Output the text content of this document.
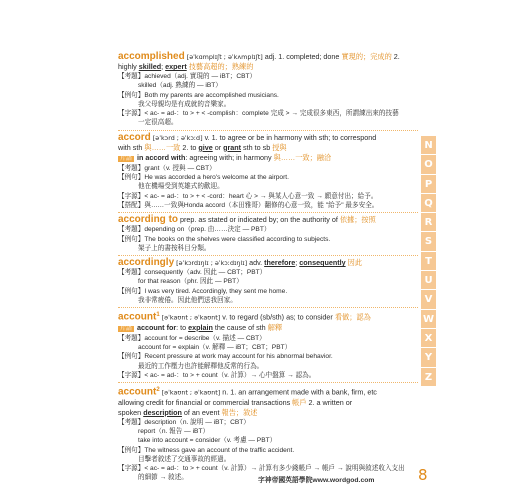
accomplished [əˈkɑmplɪʃt ; əˈkʌmplɪʃt] adj. 1. completed; done 實現的；完成的 2.
highly skilled; expert 技藝高超的；熟練的
【考題】achieved（adj. 實現的 — iBT；CBT）
skilled（adj. 熟練的 — iBT）
【例句】Both my parents are accomplished musicians.
我父母親均是有成就的音樂家。
【字源】< ac- = ad-：to > + < -complish：complete 完成 > → 完成很多東西，所謂練出來的技藝
一定很高超。
accord [əˈkɔrd ; əˈkɔːd] v. 1. to agree or be in harmony with sth; to correspond
with sth 與……一致 2. to give or grant sth to sb 授與
片語 in accord with: agreeing with; in harmony 與……一致；融洽
【考題】grant（v. 授與 — CBT）
【例句】He was accorded a hero's welcome at the airport.
他在機場受到英雄式的歡迎。
【字源】< ac- = ad-：to > + < -cord：heart 心 > → 與某人心意一致 → 願意付出；給予。
【搭配】與……一致與Honda accord（本田雅哥）翻修的心意一致，能 "給予" 最多安全。
according to prep. as stated or indicated by; on the authority of 依據；按照
【考題】depending on（prep. 由……決定 — PBT）
【例句】The books on the shelves were classified according to subjects.
架子上的書按科目分類。
accordingly [əˈkɔrdɪŋlɪ ; əˈkɔːdɪŋlɪ] adv. therefore; consequently 因此
【考題】consequently（adv. 因此 — CBT；PBT）
for that reason（phr. 因此 — PBT）
【例句】I was very tired. Accordingly, they sent me home.
我非常疲倦。因此他們送我回家。
account$^1$ [əˈkaʊnt ; əˈkaʊnt] v. to regard (sb/sth) as; to consider 看做；認為
片語 account for: to explain the cause of sth 解釋
【考題】account for = describe（v. 描述 — CBT）
account for = explain（v. 解釋 — iBT；CBT；PBT）
【例句】Recent pressure at work may account for his abnormal behavior.
最近的工作壓力也許能解釋他反常的行為。
【字源】< ac- = ad-：to > + count（v. 計算）→ 心中盤算 → 認為。
account$^2$ [əˈkaʊnt ; əˈkaʊnt] n. 1. an arrangement made with a bank, firm, etc
allowing credit for financial or commercial transactions 帳戶 2. a written or
spoken description of an event 報告；敘述
【考題】description（n. 說明 — iBT；CBT）
report（n. 報告 — iBT）
take into account = consider（v. 考慮 — PBT）
【例句】The witness gave an account of the traffic accident.
目擊者敘述了交通事故的經過。
【字源】< ac- = ad-：to > + count（v. 計算）→ 計算有多少錢帳戶 → 帳戶 → 說明與敘述收入支出
的細節 → 敘述。
N
O
P
Q
R
S
T
U
V
W
X
Y
Z
字神帝國英語學院www.wordgod.com	8
